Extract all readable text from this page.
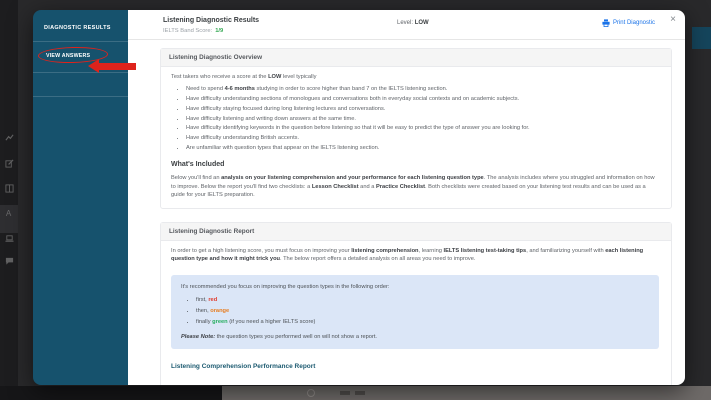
A
DIAGNOSTIC RESULTS
VIEW ANSWERS
Listening Diagnostic Results
IELTS Band Score: 1/9
Level: LOW	Print Diagnostic ×
Listening Diagnostic Overview

Test takers who receive a score at the LOW level typically

• Need to spend 4-6 months studying in order to score higher than band 7 on the IELTS listening section.
• Have difficulty understanding sections of monologues and conversations both in everyday social contexts and on academic subjects.
• Have difficulty staying focused during long listening lectures and conversations.
• Have difficulty listening and writing down answers at the same time.
• Have difficulty identifying keywords in the question before listening so that it will be easy to predict the type of answer you are looking for.
• Have difficulty understanding British accents.
• Are unfamiliar with question types that appear on the IELTS listening section.
What's Included

Below you'll find an analysis on your listening comprehension and your performance for each listening question type. The analysis includes where you struggled and information on how to improve. Below the report you'll find two checklists: a Lesson Checklist and a Practice Checklist. Both checklists were created based on your listening test results and can be used as a guide for your IELTS preparation.

Listening Diagnostic Report

In order to get a high listening score, you must focus on improving your listening comprehension, learning IELTS listening test-taking tips, and familiarizing yourself with each listening question type and how it might trick you. The below report offers a detailed analysis on all areas you need to improve.

It's recommended you focus on improving the question types in the following order:

• first, red
• then, orange
• finally green (if you need a higher IELTS score)

Please Note: the question types you performed well on will not show a report.

Listening Comprehension Performance Report
